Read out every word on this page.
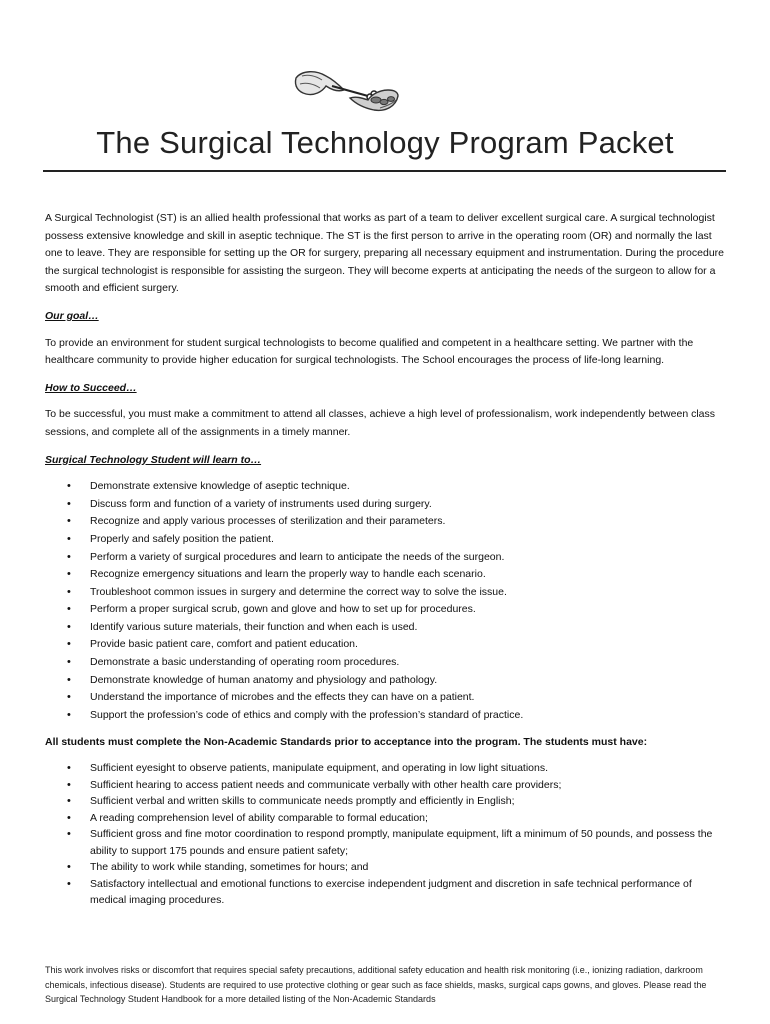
The Surgical Technology Program Packet

A Surgical Technologist (ST) is an allied health professional that works as part of a team to deliver excellent surgical care. A surgical technologist possess extensive knowledge and skill in aseptic technique. The ST is the first person to arrive in the operating room (OR) and normally the last one to leave. They are responsible for setting up the OR for surgery, preparing all necessary equipment and instrumentation. During the procedure the surgical technologist is responsible for assisting the surgeon. They will become experts at anticipating the needs of the surgeon to allow for a smooth and efficient surgery.

Our goal…

To provide an environment for student surgical technologists to become qualified and competent in a healthcare setting. We partner with the healthcare community to provide higher education for surgical technologists. The School encourages the process of life-long learning.

How to Succeed…

To be successful, you must make a commitment to attend all classes, achieve a high level of professionalism, work independently between class sessions, and complete all of the assignments in a timely manner.

Surgical Technology Student will learn to…
• Demonstrate extensive knowledge of aseptic technique.
• Discuss form and function of a variety of instruments used during surgery.
• Recognize and apply various processes of sterilization and their parameters.
• Properly and safely position the patient.
• Perform a variety of surgical procedures and learn to anticipate the needs of the surgeon.
• Recognize emergency situations and learn the properly way to handle each scenario.
• Troubleshoot common issues in surgery and determine the correct way to solve the issue.
• Perform a proper surgical scrub, gown and glove and how to set up for procedures.
• Identify various suture materials, their function and when each is used.
• Provide basic patient care, comfort and patient education.
• Demonstrate a basic understanding of operating room procedures.
• Demonstrate knowledge of human anatomy and physiology and pathology.
• Understand the importance of microbes and the effects they can have on a patient.
• Support the profession’s code of ethics and comply with the profession’s standard of practice.
All students must complete the Non-Academic Standards prior to acceptance into the program. The students must have:
• Sufficient eyesight to observe patients, manipulate equipment, and operating in low light situations.
• Sufficient hearing to access patient needs and communicate verbally with other health care providers;
• Sufficient verbal and written skills to communicate needs promptly and efficiently in English;
• A reading comprehension level of ability comparable to formal education;
• Sufficient gross and fine motor coordination to respond promptly, manipulate equipment, lift a minimum of 50 pounds, and possess the ability to support 175 pounds and ensure patient safety;
• The ability to work while standing, sometimes for hours; and
• Satisfactory intellectual and emotional functions to exercise independent judgment and discretion in safe technical performance of medical imaging procedures.
This work involves risks or discomfort that requires special safety precautions, additional safety education and health risk monitoring (i.e., ionizing radiation, darkroom chemicals, infectious disease). Students are required to use protective clothing or gear such as face shields, masks, surgical caps gowns, and gloves. Please read the Surgical Technology Student Handbook for a more detailed listing of the Non-Academic Standards
